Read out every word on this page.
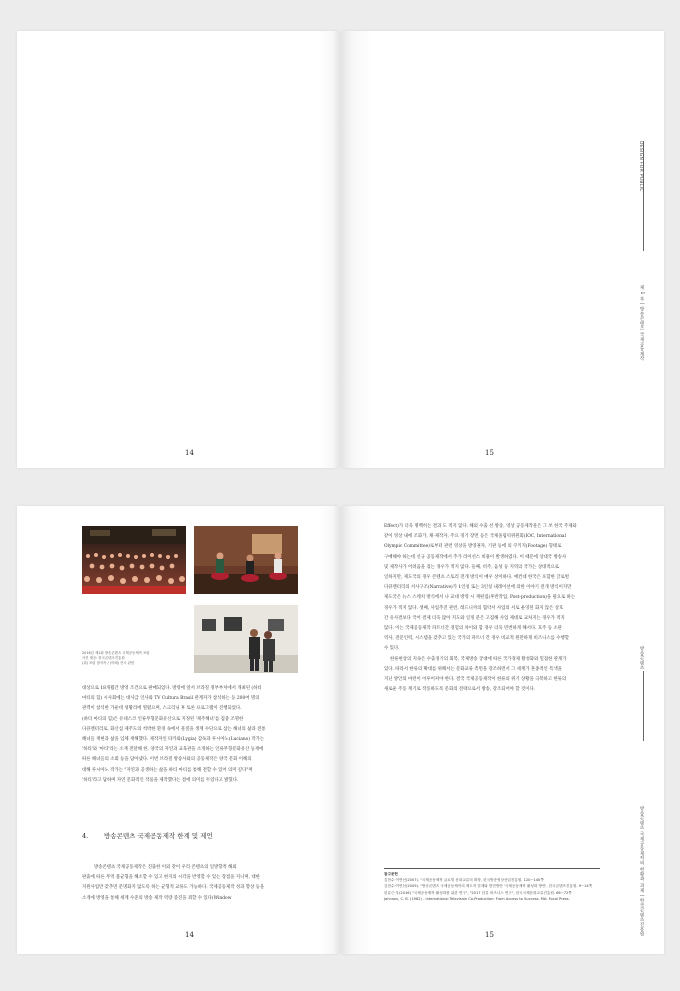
14
DESIGN FOR PUBLIC
제 1 부 | 방송콘텐츠 국제공동제작
15
2016년 제1회 방송콘텐츠 국제공동제작 포럼
사진 제공: 한국콘텐츠진흥원
(위) 포럼 참석자 / (아래) 전시 관람

대상으로 18개월간 방영 조건으로 판매되었다. 방영에 앞서 브라질 정부부처에서 개최된 (하티

마티의 힘) 시사회에는 대사급 인사와 TV Cultura Brasil 관계자가 참석하는 등 200여 명의

관객이 참석한 가운데 성황리에 열렸으며, 스크리닝 후 토론 프로그램이 진행되었다.

(하티 마티의 힘)은 유네스코 인류무형문화유산으로 지정된 '제주해녀'를 집중 조명한

다큐멘터리로, 화산섬 제주도의 척박한 환경 속에서 물질을 생계 수단으로 삼는 해녀의 삶과 전통

해녀들 재현과 삶을 입체 재해했다. 제작자인 타카와(Lygia) 감독과 루시아노(Luciano) 작가는

'하티'와 '마티'라는 소재 전달해 한, 양국의 자연과 교육관을 소개하는 인류무형문화유산 등재에

따른 해녀들의 소회 등을 담아냈다. 이번 브라질 방송사와의 공동제작은 양국 문화 이해의

대해 루시아노 작가는 "자연과 공생하는 삶을 하티 마티를 통해 전할 수 있어 의미 깊다"며

'하티'라고 답하며 자연 문화적인 작품을 제작했다는 점에 의미를 두었다고 밝혔다.

4. 방송콘텐츠 국제공동제작 한계 및 제언

방송콘텐츠 국제공동제작은 진출한 이외 같이 우리 콘텐츠의 일방향적 해외

판출에 따른 무역 불균형을 해소할 수 있고 현지의 시각을 반영할 수 있는 장점을 지니며, 대한

지원사업만 갖추면 문명화지 않도록 하는 균형적 교류도 가능하다. 국제공동제작 성과 향상 등을

소개에 방영을 통해 세계 수준의 방송 제작 역량 증진을 꾀할 수 있다(Window

14

Effect)가 더욱 명백히는 결과 도 적지 않다. 해외 수출 선 방송, 영상 공동제작물은 그 쏘 한국 주제와

같이 영상 내에 조화가, 채·제작자, 주요 경기 장면 등은 국제올림픽위원회(IOC, International

Olympic Committee)로부터 관련 영상을 방영권자, 기관 등에 의 쿠키지(Footage) 형태로

구매해야 하는데 신규 공동제작에서 추가 라이선스 비용이 발생하였다. 이 때문에 상대국 방송사

및 제작사가 어려움을 겪는 경우가 적지 않다. 둘째, 비주, 음성 등 지역의 국가는 상대적으로

일하지만, 제도국의 경우 콘텐츠 스토리 전개 방식이 매우 상이하다. 예컨대 한국은 포함한 글로벌

다큐멘터리의 서사구조(Narrative)가 1인칭 또는 3인칭 내레이션에 의한 이야기 전개 방식이지만

제도국은 뉴스 스케치 방식에서 나 교대 방영 시 재편집(후반작업, Post-production)을 필요로 하는

경우가 적지 않다. 셋째, 사업추진 관련, 레드니까의 협약서 사업의 서로 운영된 화지 않은 상호

간 유사결보다 국어 결제 더욱 많아 지도와 일정 분은 고집해 사업 제대로 교차지는 경우가 적지

않다. 이는 국제공동제작 파트너간 경험의 차이와 함 경우 더욱 빈번하게 해서다. 호주 등 소관

역사, 전문인력, 시스템을 갖추고 있는 국가의 파트너 간 경우 비교적 원만하게 비즈니스를 수행할

수 있다.

한류현상의 지속은 수출경기의 회복, 국제방송 궁대에 따른 국가경제 활성화와 밀접한 관계가

있다. 따라서 한류의 확대를 위해서는 문화교류 측면을 강조하면서 그 세계가 혼종적인 특색을

지닌 방안의 마련이 이루어져야 한다. 결국 국제공동제작이 한류의 위기 상황을 극복하고 한류의

새로운 주동 계기로 작동하도록 문화의 전략으로서 방송, 강조되어야 할 것이다.

방송콘텐츠
방송콘텐츠 국제공동제작의 현황과 과제 | 한국콘텐츠진흥원

참고문헌

김찬수·이연선(2007). "국제공동제작 글로벌 문화교류의 확장, 한국방송영상산업진흥원. 120~140쪽

김찬수·이연선(2009). "방송콘텐츠 국제공동제작의 제도적 한계와 발전방안 '국제공동제작 활성화 방안', 한국콘텐츠진흥원. 9~14쪽

한류근·우(2016) "국제공동제작 활성화를 위한 연구", "2017 한류 비즈니스 연구", 한국국제문화교류진흥원. 66~72쪽

Johnson, C. B. (1982) - International Television Co-Production: From Access to Success. MA: Focal Press.

15
